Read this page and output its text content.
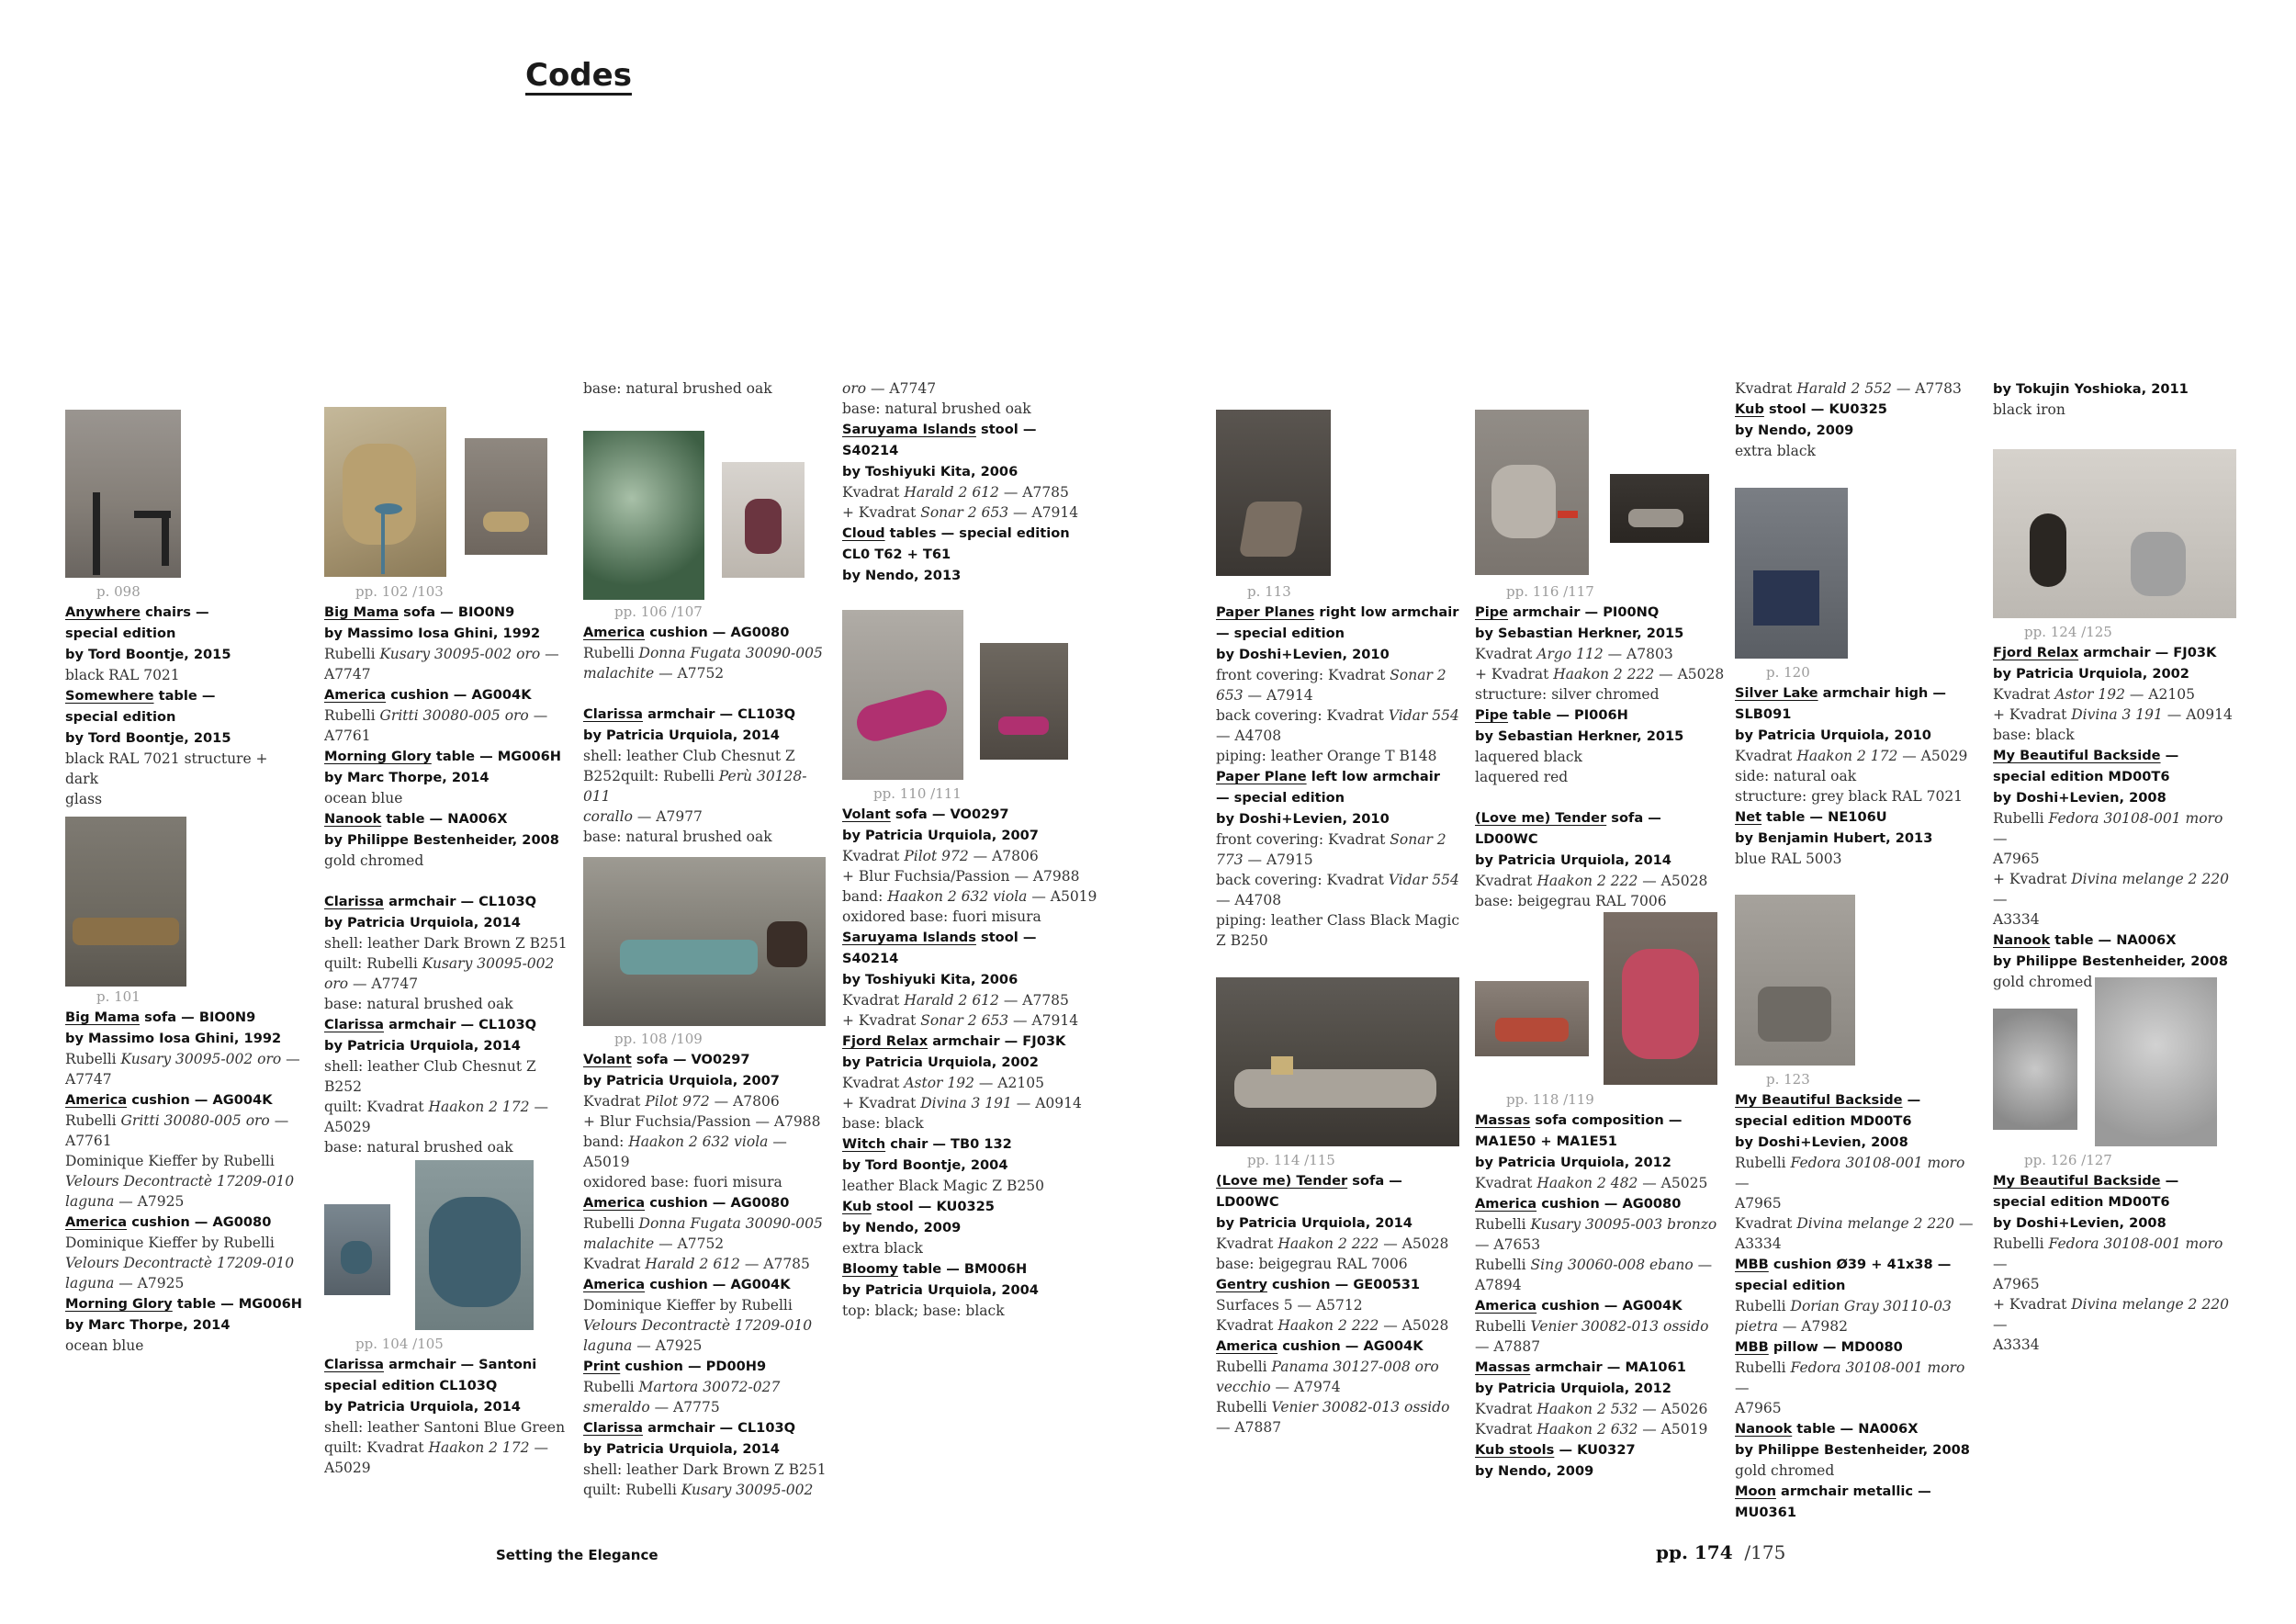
Codes
p. 098
Anywhere chairs —
special edition
by Tord Boontje, 2015
black RAL 7021
Somewhere table —
special edition
by Tord Boontje, 2015
black RAL 7021 structure + dark
glass
p. 101
Big Mama sofa — BIO0N9
by Massimo Iosa Ghini, 1992
Rubelli Kusary 30095-002 oro —
A7747
America cushion — AG004K
Rubelli Gritti 30080-005 oro —
A7761
Dominique Kieffer by Rubelli
Velours Decontractè 17209-010
laguna — A7925
America cushion — AG0080
Dominique Kieffer by Rubelli
Velours Decontractè 17209-010
laguna — A7925
Morning Glory table — MG006H
by Marc Thorpe, 2014
ocean blue
pp. 102 /103
Big Mama sofa — BIO0N9
by Massimo Iosa Ghini, 1992
Rubelli Kusary 30095-002 oro —
A7747
America cushion — AG004K
Rubelli Gritti 30080-005 oro —
A7761
Morning Glory table — MG006H
by Marc Thorpe, 2014
ocean blue
Nanook table — NA006X
by Philippe Bestenheider, 2008
gold chromed
Clarissa armchair — CL103Q
by Patricia Urquiola, 2014
shell: leather Dark Brown Z B251
quilt: Rubelli Kusary 30095-002
oro — A7747
base: natural brushed oak
Clarissa armchair — CL103Q
by Patricia Urquiola, 2014
shell: leather Club Chesnut Z B252
quilt: Kvadrat Haakon 2 172 —
A5029
base: natural brushed oak
pp. 104 /105
Clarissa armchair — Santoni
special edition CL103Q
by Patricia Urquiola, 2014
shell: leather Santoni Blue Green
quilt: Kvadrat Haakon 2 172 —
A5029
base: natural brushed oak
pp. 106 /107
America cushion — AG0080
Rubelli Donna Fugata 30090-005
malachite — A7752
Clarissa armchair — CL103Q
by Patricia Urquiola, 2014
shell: leather Club Chesnut Z
B252quilt: Rubelli Perù 30128-011
corallo — A7977
base: natural brushed oak
pp. 108 /109
Volant sofa — VO0297
by Patricia Urquiola, 2007
Kvadrat Pilot 972 — A7806
+ Blur Fuchsia/Passion — A7988
band: Haakon 2 632 viola — A5019
oxidored base: fuori misura
America cushion — AG0080
Rubelli Donna Fugata 30090-005
malachite — A7752
Kvadrat Harald 2 612 — A7785
America cushion — AG004K
Dominique Kieffer by Rubelli
Velours Decontractè 17209-010
laguna — A7925
Print cushion — PD00H9
Rubelli Martora 30072-027
smeraldo — A7775
Clarissa armchair — CL103Q
by Patricia Urquiola, 2014
shell: leather Dark Brown Z B251
quilt: Rubelli Kusary 30095-002
oro — A7747
base: natural brushed oak
Saruyama Islands stool —
S40214
by Toshiyuki Kita, 2006
Kvadrat Harald 2 612 — A7785
+ Kvadrat Sonar 2 653 — A7914
Cloud tables — special edition
CL0 T62 + T61
by Nendo, 2013
pp. 110 /111
Volant sofa — VO0297
by Patricia Urquiola, 2007
Kvadrat Pilot 972 — A7806
+ Blur Fuchsia/Passion — A7988
band: Haakon 2 632 viola — A5019
oxidored base: fuori misura
Saruyama Islands stool —
S40214
by Toshiyuki Kita, 2006
Kvadrat Harald 2 612 — A7785
+ Kvadrat Sonar 2 653 — A7914
Fjord Relax armchair — FJ03K
by Patricia Urquiola, 2002
Kvadrat Astor 192 — A2105
+ Kvadrat Divina 3 191 — A0914
base: black
Witch chair — TB0 132
by Tord Boontje, 2004
leather Black Magic Z B250
Kub stool — KU0325
by Nendo, 2009
extra black
Bloomy table — BM006H
by Patricia Urquiola, 2004
top: black; base: black
p. 113
Paper Planes right low armchair
— special edition
by Doshi+Levien, 2010
front covering: Kvadrat Sonar 2
653 — A7914
back covering: Kvadrat Vidar 554
— A4708
piping: leather Orange T B148
Paper Plane left low armchair
— special edition
by Doshi+Levien, 2010
front covering: Kvadrat Sonar 2
773 — A7915
back covering: Kvadrat Vidar 554
— A4708
piping: leather Class Black Magic
Z B250
pp. 114 /115
(Love me) Tender sofa — LD00WC
by Patricia Urquiola, 2014
Kvadrat Haakon 2 222 — A5028
base: beigegrau RAL 7006
Gentry cushion — GE00531
Surfaces 5 — A5712
Kvadrat Haakon 2 222 — A5028
America cushion — AG004K
Rubelli Panama 30127-008 oro
vecchio — A7974
Rubelli Venier 30082-013 ossido
— A7887
pp. 116 /117
Pipe armchair — PI00NQ
by Sebastian Herkner, 2015
Kvadrat Argo 112 — A7803
+ Kvadrat Haakon 2 222 — A5028
structure: silver chromed
Pipe table — PI006H
by Sebastian Herkner, 2015
laquered black
laquered red
(Love me) Tender sofa — LD00WC
by Patricia Urquiola, 2014
Kvadrat Haakon 2 222 — A5028
base: beigegrau RAL 7006
pp. 118 /119
Massas sofa composition —
MA1E50 + MA1E51
by Patricia Urquiola, 2012
Kvadrat Haakon 2 482 — A5025
America cushion — AG0080
Rubelli Kusary 30095-003 bronzo
— A7653
Rubelli Sing 30060-008 ebano —
A7894
America cushion — AG004K
Rubelli Venier 30082-013 ossido
— A7887
Massas armchair — MA1061
by Patricia Urquiola, 2012
Kvadrat Haakon 2 532 — A5026
Kvadrat Haakon 2 632 — A5019
Kub stools — KU0327
by Nendo, 2009
Kvadrat Harald 2 552 — A7783
Kub stool — KU0325
by Nendo, 2009
extra black
p. 120
Silver Lake armchair high —
SLB091
by Patricia Urquiola, 2010
Kvadrat Haakon 2 172 — A5029
side: natural oak
structure: grey black RAL 7021
Net table — NE106U
by Benjamin Hubert, 2013
blue RAL 5003
p. 123
My Beautiful Backside —
special edition MD00T6
by Doshi+Levien, 2008
Rubelli Fedora 30108-001 moro —
A7965
Kvadrat Divina melange 2 220 —
A3334
MBB cushion Ø39 + 41x38 —
special edition
Rubelli Dorian Gray 30110-03
pietra — A7982
MBB pillow — MD0080
Rubelli Fedora 30108-001 moro —
A7965
Nanook table — NA006X
by Philippe Bestenheider, 2008
gold chromed
Moon armchair metallic —
MU0361
by Tokujin Yoshioka, 2011
black iron
pp. 124 /125
Fjord Relax armchair — FJ03K
by Patricia Urquiola, 2002
Kvadrat Astor 192 — A2105
+ Kvadrat Divina 3 191 — A0914
base: black
My Beautiful Backside —
special edition MD00T6
by Doshi+Levien, 2008
Rubelli Fedora 30108-001 moro —
A7965
+ Kvadrat Divina melange 2 220 —
A3334
Nanook table — NA006X
by Philippe Bestenheider, 2008
gold chromed
pp. 126 /127
My Beautiful Backside —
special edition MD00T6
by Doshi+Levien, 2008
Rubelli Fedora 30108-001 moro —
A7965
+ Kvadrat Divina melange 2 220 —
A3334
Setting the Elegance	pp. 174 /175
